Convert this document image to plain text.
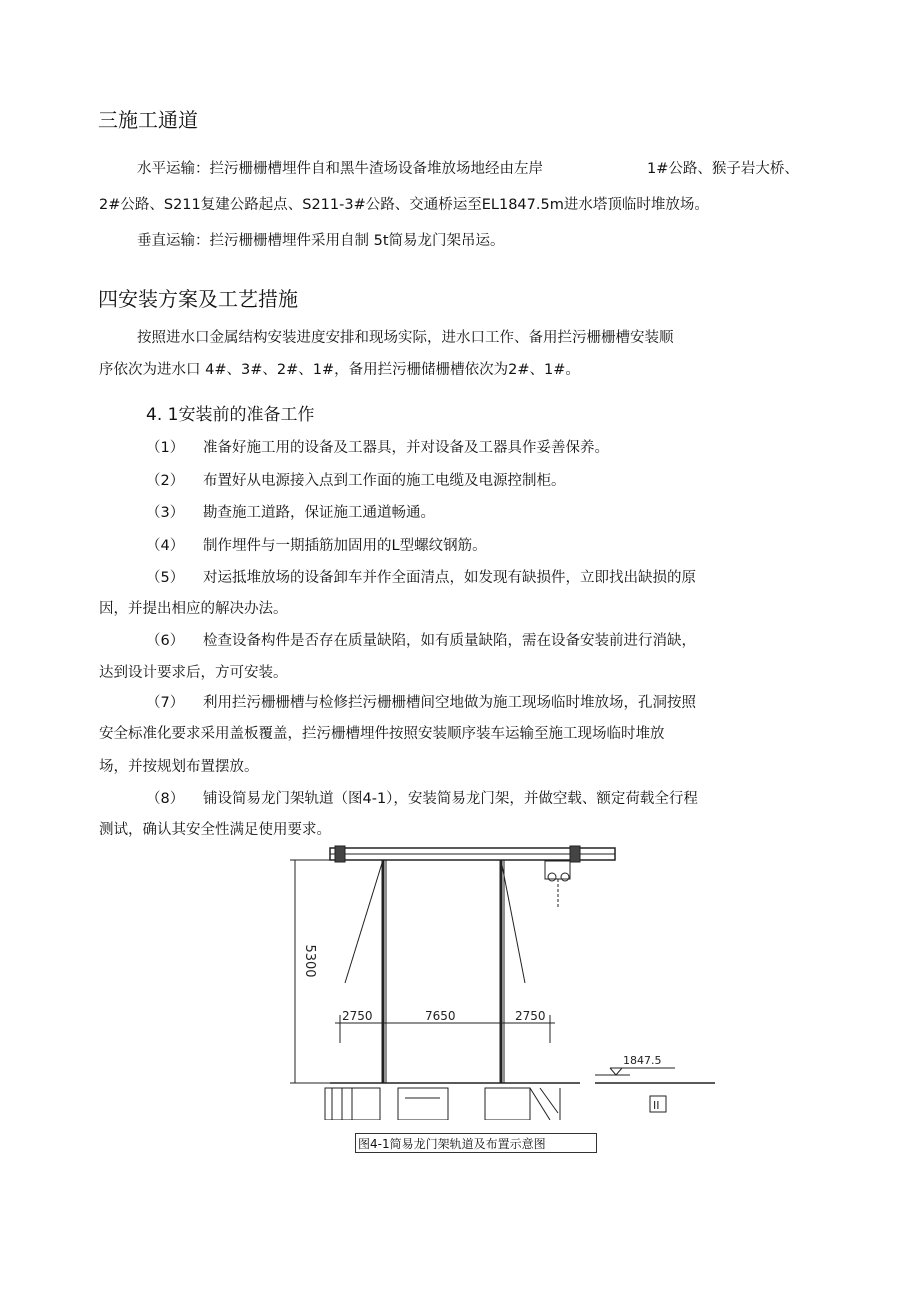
三施工通道
水平运输：拦污栅栅槽埋件自和黑牛渣场设备堆放场地经由左岸	1#公路、猴子岩大桥、
2#公路、S211复建公路起点、S211-3#公路、交通桥运至EL1847.5m进水塔顶临时堆放场。
垂直运输：拦污栅栅槽埋件采用自制 5t简易龙门架吊运。
四安装方案及工艺措施
按照进水口金属结构安装进度安排和现场实际，进水口工作、备用拦污栅栅槽安装顺
序依次为进水口 4#、3#、2#、1#，备用拦污栅储栅槽依次为2#、1#。
4. 1安装前的准备工作
（1） 准备好施工用的设备及工器具，并对设备及工器具作妥善保养。
（2） 布置好从电源接入点到工作面的施工电缆及电源控制柜。
（3） 勘查施工道路，保证施工通道畅通。
（4） 制作埋件与一期插筋加固用的L型螺纹钢筋。
（5） 对运抵堆放场的设备卸车并作全面清点，如发现有缺损件，立即找出缺损的原
因，并提出相应的解决办法。
（6） 检查设备构件是否存在质量缺陷，如有质量缺陷，需在设备安装前进行消缺，
达到设计要求后，方可安装。
（7） 利用拦污栅栅槽与检修拦污栅栅槽间空地做为施工现场临时堆放场，孔洞按照
安全标准化要求采用盖板覆盖，拦污栅槽埋件按照安装顺序装车运输至施工现场临时堆放
场，并按规划布置摆放。
（8） 铺设简易龙门架轨道（图4-1），安装简易龙门架，并做空载、额定荷载全行程
测试，确认其安全性满足使用要求。
5300
2750	7650	2750
1847.5
II
图4-1简易龙门架轨道及布置示意图
